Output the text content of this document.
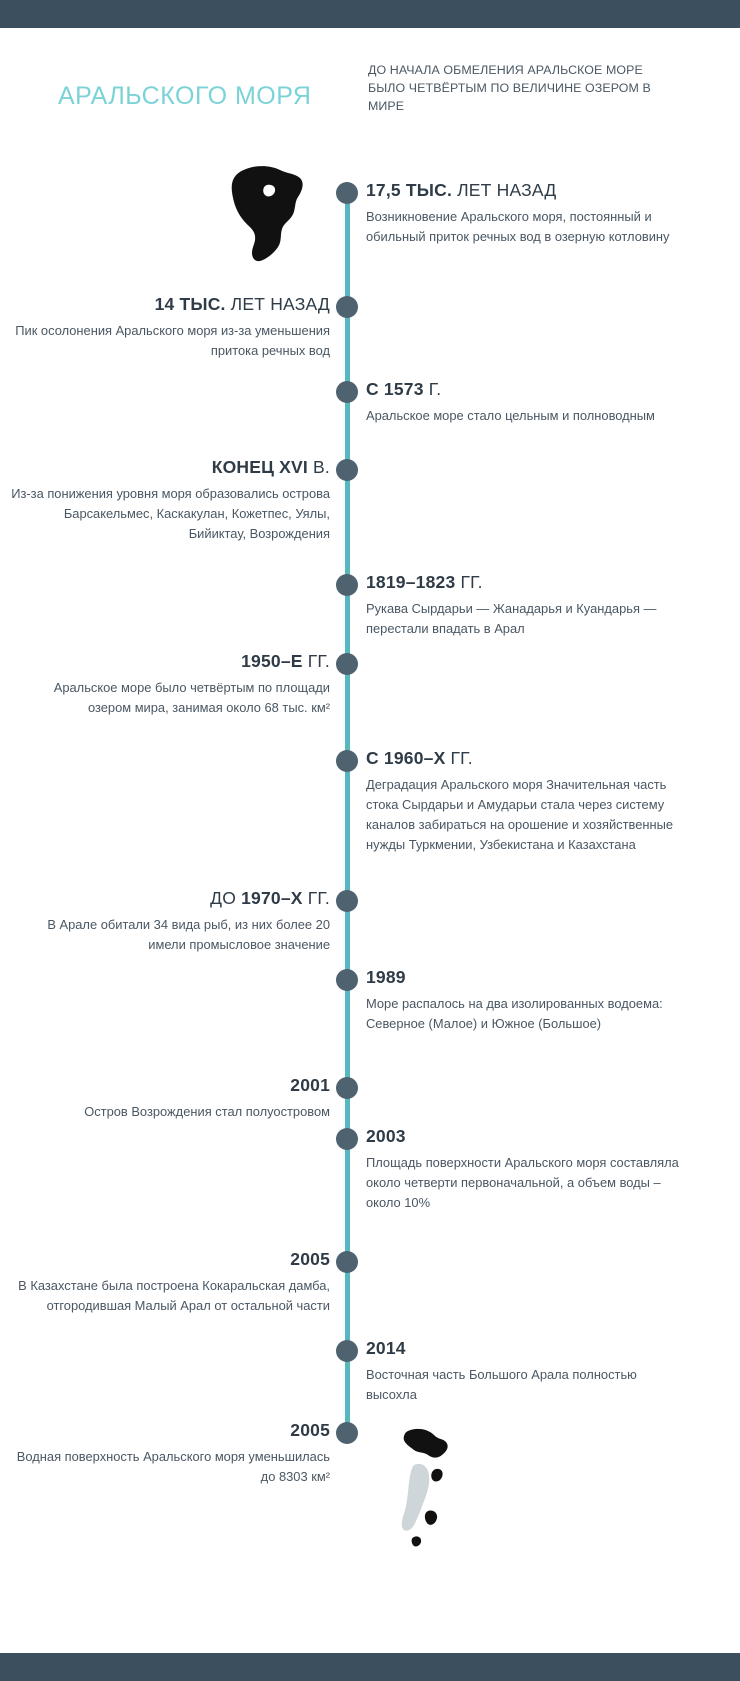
КРАТКАЯ ИСТОРИЯ
АРАЛЬСКОГО МОРЯ
ДО НАЧАЛА ОБМЕЛЕНИЯ АРАЛЬСКОЕ МОРЕ БЫЛО ЧЕТВЁРТЫМ ПО ВЕЛИЧИНЕ ОЗЕРОМ В МИРЕ
17,5 ТЫС. ЛЕТ НАЗАД
Возникновение Аральского моря, постоянный и обильный приток речных вод в озерную котловину
14 ТЫС. ЛЕТ НАЗАД
Пик осолонения Аральского моря из-за уменьшения притока речных вод
С 1573 Г.
Аральское море стало цельным и полноводным
КОНЕЦ XVI В.
Из-за понижения уровня моря образовались острова Барсакельмес, Каскакулан, Кожетпес, Уялы, Бийиктау, Возрождения
1819–1823 ГГ.
Рукава Сырдарьи — Жанадарья и Куандарья — перестали впадать в Арал
1950–Е ГГ.
Аральское море было четвёртым по площади озером мира, занимая около 68 тыс. км²
С 1960–Х ГГ.
Деградация Аральского моря Значительная часть стока Сырдарьи и Амударьи стала через систему каналов забираться на орошение и хозяйственные нужды Туркмении, Узбекистана и Казахстана
ДО 1970–Х ГГ.
В Арале обитали 34 вида рыб, из них более 20 имели промысловое значение
1989
Море распалось на два изолированных водоема: Северное (Малое) и Южное (Большое)
2001
Остров Возрождения стал полуостровом
2003
Площадь поверхности Аральского моря составляла около четверти первоначальной, а объем воды – около 10%
2005
В Казахстане была построена Кокаральская дамба, отгородившая Малый Арал от остальной части
2014
Восточная часть Большого Арала полностью высохла
2005
Водная поверхность Аральского моря уменьшилась до 8303 км²
